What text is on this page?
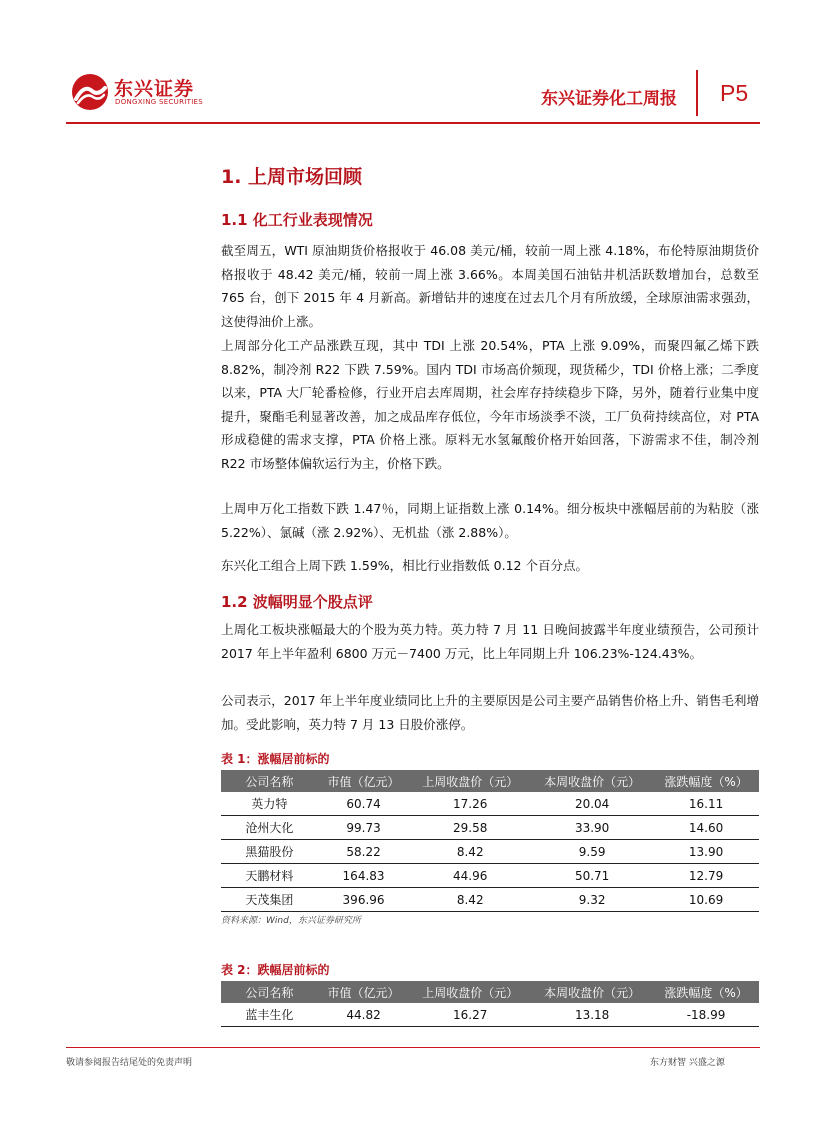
东兴证券
DONGXING SECURITIES	东兴证券化工周报 P5
1. 上周市场回顾
1.1 化工行业表现情况
截至周五，WTI 原油期货价格报收于 46.08 美元/桶，较前一周上涨 4.18%，布伦特原油期货价格报收于 48.42 美元/桶，较前一周上涨 3.66%。本周美国石油钻井机活跃数增加台，总数至 765 台，创下 2015 年 4 月新高。新增钻井的速度在过去几个月有所放缓，全球原油需求强劲，这使得油价上涨。
上周部分化工产品涨跌互现，其中 TDI 上涨 20.54%，PTA 上涨 9.09%，而聚四氟乙烯下跌 8.82%，制冷剂 R22 下跌 7.59%。国内 TDI 市场高价频现，现货稀少，TDI 价格上涨；二季度以来，PTA 大厂轮番检修，行业开启去库周期，社会库存持续稳步下降，另外，随着行业集中度提升，聚酯毛利显著改善，加之成品库存低位，今年市场淡季不淡，工厂负荷持续高位，对 PTA 形成稳健的需求支撑，PTA 价格上涨。原料无水氢氟酸价格开始回落，下游需求不佳，制冷剂 R22 市场整体偏软运行为主，价格下跌。
上周申万化工指数下跌 1.47％，同期上证指数上涨 0.14%。细分板块中涨幅居前的为粘胶（涨 5.22%）、氯碱（涨 2.92%）、无机盐（涨 2.88%）。
东兴化工组合上周下跌 1.59%，相比行业指数低 0.12 个百分点。
1.2 波幅明显个股点评
上周化工板块涨幅最大的个股为英力特。英力特 7 月 11 日晚间披露半年度业绩预告，公司预计 2017 年上半年盈利 6800 万元－7400 万元，比上年同期上升 106.23%-124.43%。
公司表示，2017 年上半年度业绩同比上升的主要原因是公司主要产品销售价格上升、销售毛利增加。受此影响，英力特 7 月 13 日股价涨停。
表 1：涨幅居前标的
公司名称	市值（亿元）	上周收盘价（元）	本周收盘价（元）	涨跌幅度（%）
英力特	60.74	17.26	20.04	16.11
沧州大化	99.73	29.58	33.90	14.60
黑猫股份	58.22	8.42	9.59	13.90
天鹏材料	164.83	44.96	50.71	12.79
天茂集团	396.96	8.42	9.32	10.69
资料来源：Wind，东兴证券研究所
表 2：跌幅居前标的
公司名称	市值（亿元）	上周收盘价（元）	本周收盘价（元）	涨跌幅度（%）
蓝丰生化	44.82	16.27	13.18	-18.99
敬请参阅报告结尾处的免责声明	东方财智 兴盛之源
